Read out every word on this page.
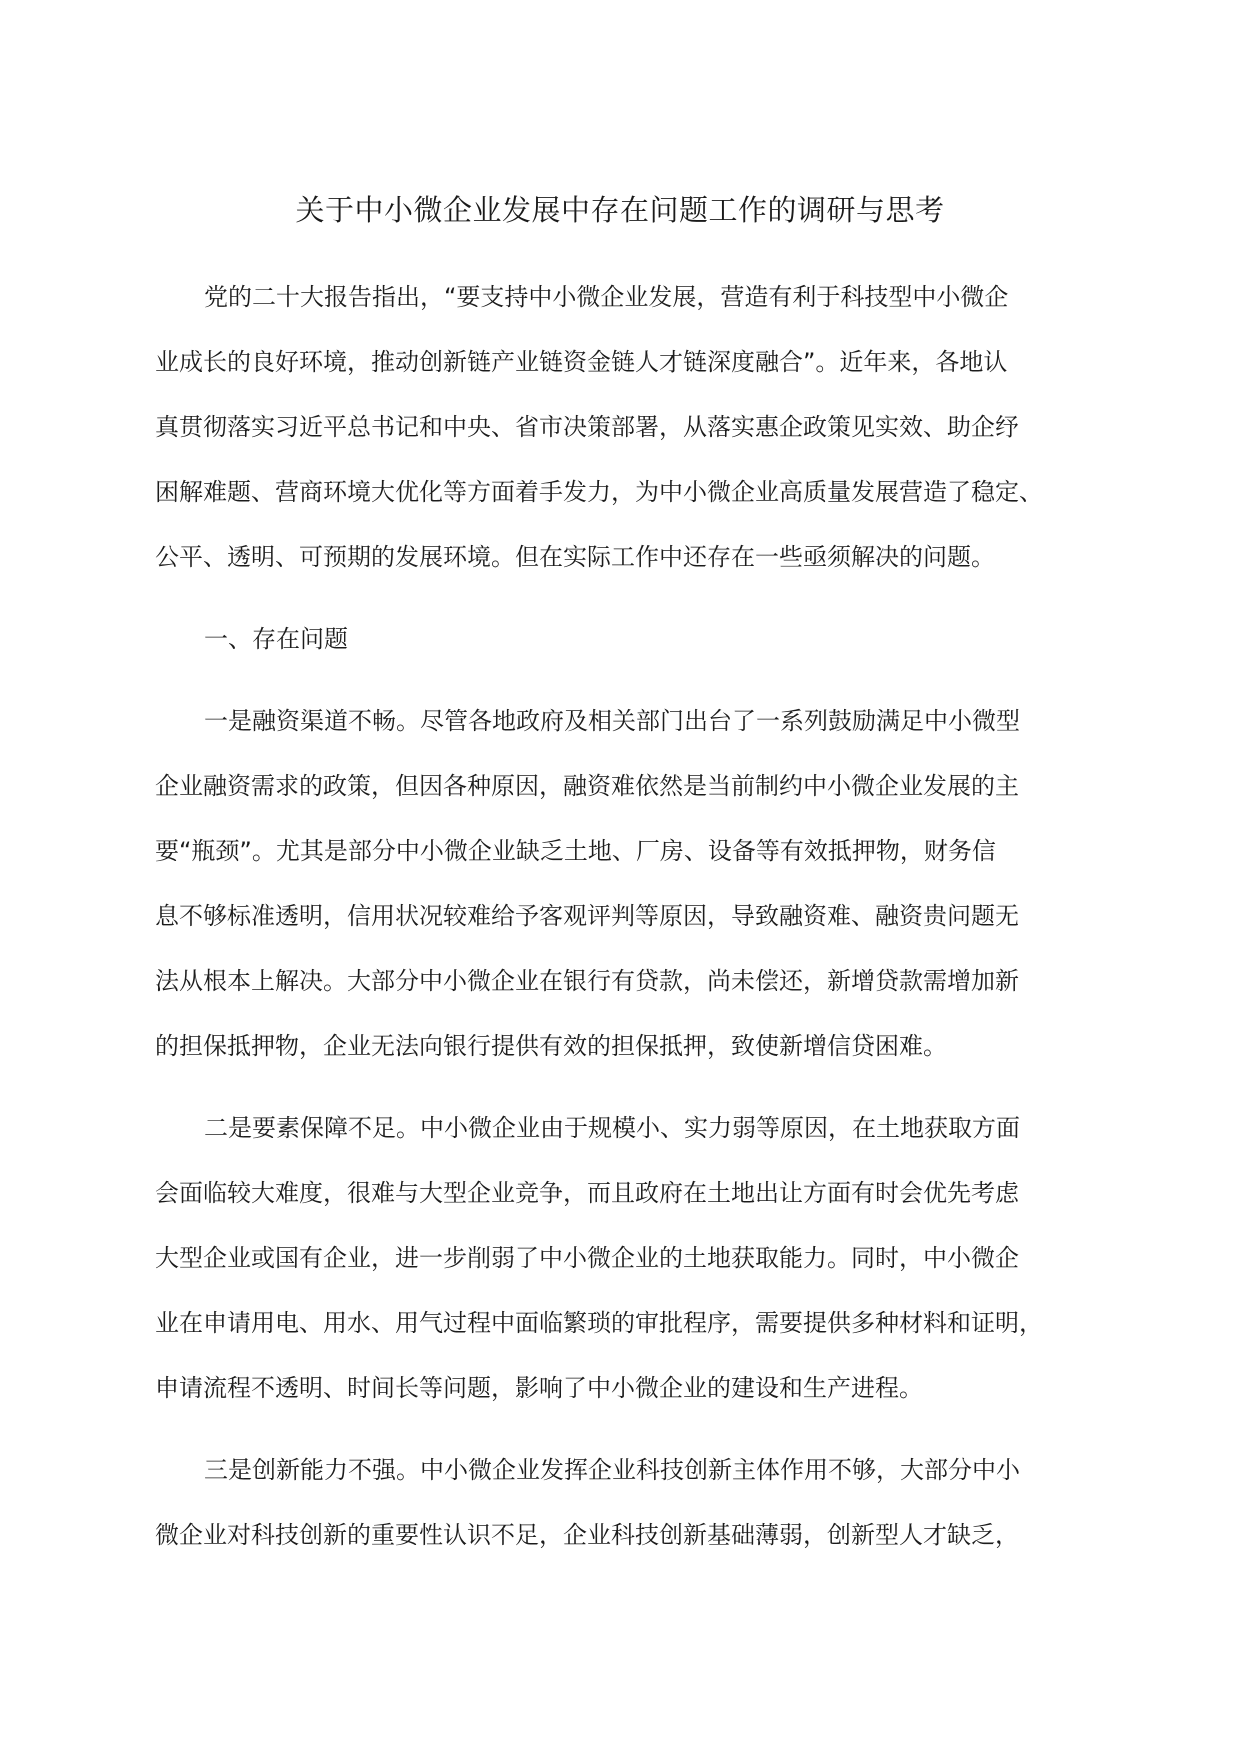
关于中小微企业发展中存在问题工作的调研与思考

党的二十大报告指出，“要支持中小微企业发展，营造有利于科技型中小微企
业成长的良好环境，推动创新链产业链资金链人才链深度融合”。近年来，各地认
真贯彻落实习近平总书记和中央、省市决策部署，从落实惠企政策见实效、助企纾
困解难题、营商环境大优化等方面着手发力，为中小微企业高质量发展营造了稳定、
公平、透明、可预期的发展环境。但在实际工作中还存在一些亟须解决的问题。

一、存在问题

一是融资渠道不畅。尽管各地政府及相关部门出台了一系列鼓励满足中小微型
企业融资需求的政策，但因各种原因，融资难依然是当前制约中小微企业发展的主
要“瓶颈”。尤其是部分中小微企业缺乏土地、厂房、设备等有效抵押物，财务信
息不够标准透明，信用状况较难给予客观评判等原因，导致融资难、融资贵问题无
法从根本上解决。大部分中小微企业在银行有贷款，尚未偿还，新增贷款需增加新
的担保抵押物，企业无法向银行提供有效的担保抵押，致使新增信贷困难。

二是要素保障不足。中小微企业由于规模小、实力弱等原因，在土地获取方面
会面临较大难度，很难与大型企业竞争，而且政府在土地出让方面有时会优先考虑
大型企业或国有企业，进一步削弱了中小微企业的土地获取能力。同时，中小微企
业在申请用电、用水、用气过程中面临繁琐的审批程序，需要提供多种材料和证明，
申请流程不透明、时间长等问题，影响了中小微企业的建设和生产进程。

三是创新能力不强。中小微企业发挥企业科技创新主体作用不够，大部分中小
微企业对科技创新的重要性认识不足，企业科技创新基础薄弱，创新型人才缺乏，
